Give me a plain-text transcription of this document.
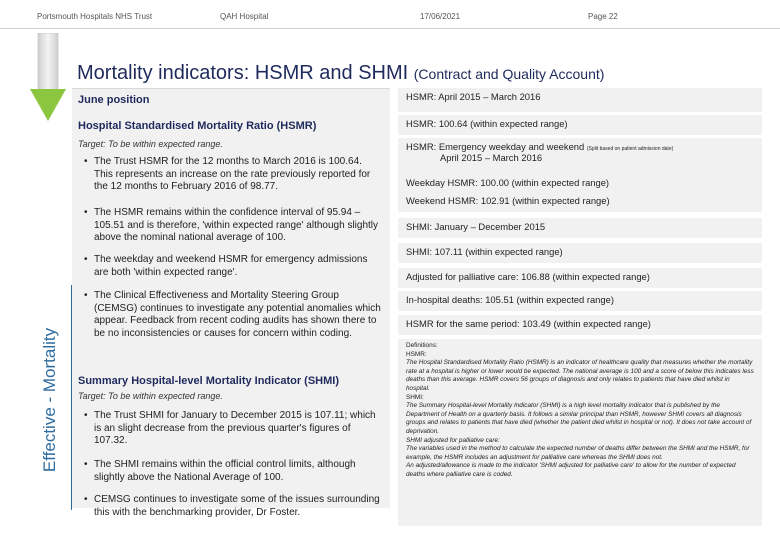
Portsmouth Hospitals NHS Trust	QAH Hospital	17/06/2021	Page 22
Mortality indicators: HSMR and SHMI (Contract and Quality Account)
Effective - Mortality
June position
Hospital Standardised Mortality Ratio (HSMR)
Target: To be within expected range.
• The Trust HSMR for the 12 months to March 2016 is 100.64. This represents an increase on the rate previously reported for the 12 months to February 2016 of 98.77.
• The HSMR remains within the confidence interval of 95.94 – 105.51 and is therefore, 'within expected range' although slightly above the nominal national average of 100.
• The weekday and weekend HSMR for emergency admissions are both 'within expected range'.
• The Clinical Effectiveness and Mortality Steering Group (CEMSG) continues to investigate any potential anomalies which appear. Feedback from recent coding audits has shown there to be no inconsistencies or causes for concern within coding.
Summary Hospital-level Mortality Indicator (SHMI)
Target: To be within expected range.
• The Trust SHMI for January to December 2015 is 107.11; which is an slight decrease from the previous quarter's figures of 107.32.
• The SHMI remains within the official control limits, although slightly above the National Average of 100.
• CEMSG continues to investigate some of the issues surrounding this with the benchmarking provider, Dr Foster.
HSMR: April 2015 – March 2016
HSMR: 100.64 (within expected range)
HSMR: Emergency weekday and weekend (Split based on patient admission date)
April 2015 – March 2016
Weekday HSMR: 100.00 (within expected range)
Weekend HSMR: 102.91 (within expected range)
SHMI: January – December 2015
SHMI: 107.11 (within expected range)
Adjusted for palliative care: 106.88 (within expected range)
In-hospital deaths: 105.51 (within expected range)
HSMR for the same period: 103.49 (within expected range)
Definitions:
HSMR:
The Hospital Standardised Mortality Ratio (HSMR) is an indicator of healthcare quality that measures whether the mortality rate at a hospital is higher or lower would be expected. The national average is 100 and a score of below this indicates less deaths than this average. HSMR covers 56 groups of diagnosis and only relates to patients that have died whilst in hospital.
SHMI:
The Summary Hospital-level Mortality Indicator (SHMI) is a high level mortality indicator that is published by the Department of Health on a quarterly basis. It follows a similar principal than HSMR, however SHMI covers all diagnosis groups and relates to patients that have died (whether the patient died whilst in hospital or not). It does not take account of deprivation.
SHMI adjusted for palliative care:
The variables used in the method to calculate the expected number of deaths differ between the SHMI and the HSMR, for example, the HSMR includes an adjustment for palliative care whereas the SHMI does not.
An adjusted/allowance is made to the indicator 'SHMI adjusted for palliative care' to allow for the number of expected deaths where palliative care is coded.
